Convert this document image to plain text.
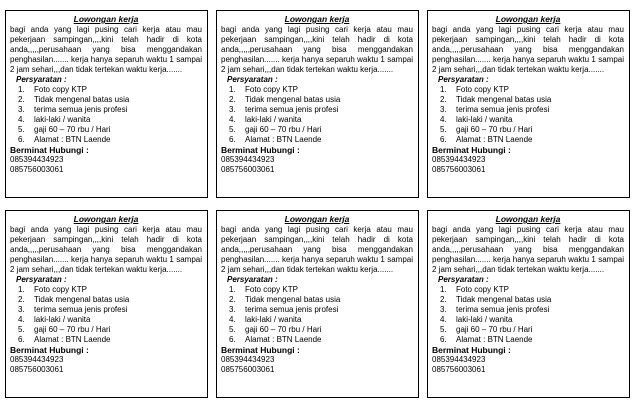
Lowongan kerja
bagi anda yang lagi pusing cari kerja atau mau pekerjaan sampingan,,,,kini telah hadir di kota anda,,,,,perusahaan yang bisa menggandakan penghasilan....... kerja hanya separuh waktu 1 sampai 2 jam sehari,,,dan tidak tertekan waktu kerja.......
Persyaratan :
1.	Foto copy KTP
2.	Tidak mengenal batas usia
3.	terima semua jenis profesi
4.	laki-laki / wanita
5.	gaji 60 – 70 rbu / Hari
6.	Alamat : BTN Laende
Berminat Hubungi :
085394434923
085756003061
Lowongan kerja
bagi anda yang lagi pusing cari kerja atau mau pekerjaan sampingan,,,,kini telah hadir di kota anda,,,,,perusahaan yang bisa menggandakan penghasilan....... kerja hanya separuh waktu 1 sampai 2 jam sehari,,,dan tidak tertekan waktu kerja.......
Persyaratan :
1.	Foto copy KTP
2.	Tidak mengenal batas usia
3.	terima semua jenis profesi
4.	laki-laki / wanita
5.	gaji 60 – 70 rbu / Hari
6.	Alamat : BTN Laende
Berminat Hubungi :
085394434923
085756003061
Lowongan kerja
bagi anda yang lagi pusing cari kerja atau mau pekerjaan sampingan,,,,kini telah hadir di kota anda,,,,,perusahaan yang bisa menggandakan penghasilan....... kerja hanya separuh waktu 1 sampai 2 jam sehari,,,dan tidak tertekan waktu kerja.......
Persyaratan :
1.	Foto copy KTP
2.	Tidak mengenal batas usia
3.	terima semua jenis profesi
4.	laki-laki / wanita
5.	gaji 60 – 70 rbu / Hari
6.	Alamat : BTN Laende
Berminat Hubungi :
085394434923
085756003061
Lowongan kerja
bagi anda yang lagi pusing cari kerja atau mau pekerjaan sampingan,,,,kini telah hadir di kota anda,,,,,perusahaan yang bisa menggandakan penghasilan....... kerja hanya separuh waktu 1 sampai 2 jam sehari,,,dan tidak tertekan waktu kerja.......
Persyaratan :
1.	Foto copy KTP
2.	Tidak mengenal batas usia
3.	terima semua jenis profesi
4.	laki-laki / wanita
5.	gaji 60 – 70 rbu / Hari
6.	Alamat : BTN Laende
Berminat Hubungi :
085394434923
085756003061
Lowongan kerja
bagi anda yang lagi pusing cari kerja atau mau pekerjaan sampingan,,,,kini telah hadir di kota anda,,,,,perusahaan yang bisa menggandakan penghasilan....... kerja hanya separuh waktu 1 sampai 2 jam sehari,,,dan tidak tertekan waktu kerja.......
Persyaratan :
1.	Foto copy KTP
2.	Tidak mengenal batas usia
3.	terima semua jenis profesi
4.	laki-laki / wanita
5.	gaji 60 – 70 rbu / Hari
6.	Alamat : BTN Laende
Berminat Hubungi :
085394434923
085756003061
Lowongan kerja
bagi anda yang lagi pusing cari kerja atau mau pekerjaan sampingan,,,,kini telah hadir di kota anda,,,,,perusahaan yang bisa menggandakan penghasilan....... kerja hanya separuh waktu 1 sampai 2 jam sehari,,,dan tidak tertekan waktu kerja.......
Persyaratan :
1.	Foto copy KTP
2.	Tidak mengenal batas usia
3.	terima semua jenis profesi
4.	laki-laki / wanita
5.	gaji 60 – 70 rbu / Hari
6.	Alamat : BTN Laende
Berminat Hubungi :
085394434923
085756003061
